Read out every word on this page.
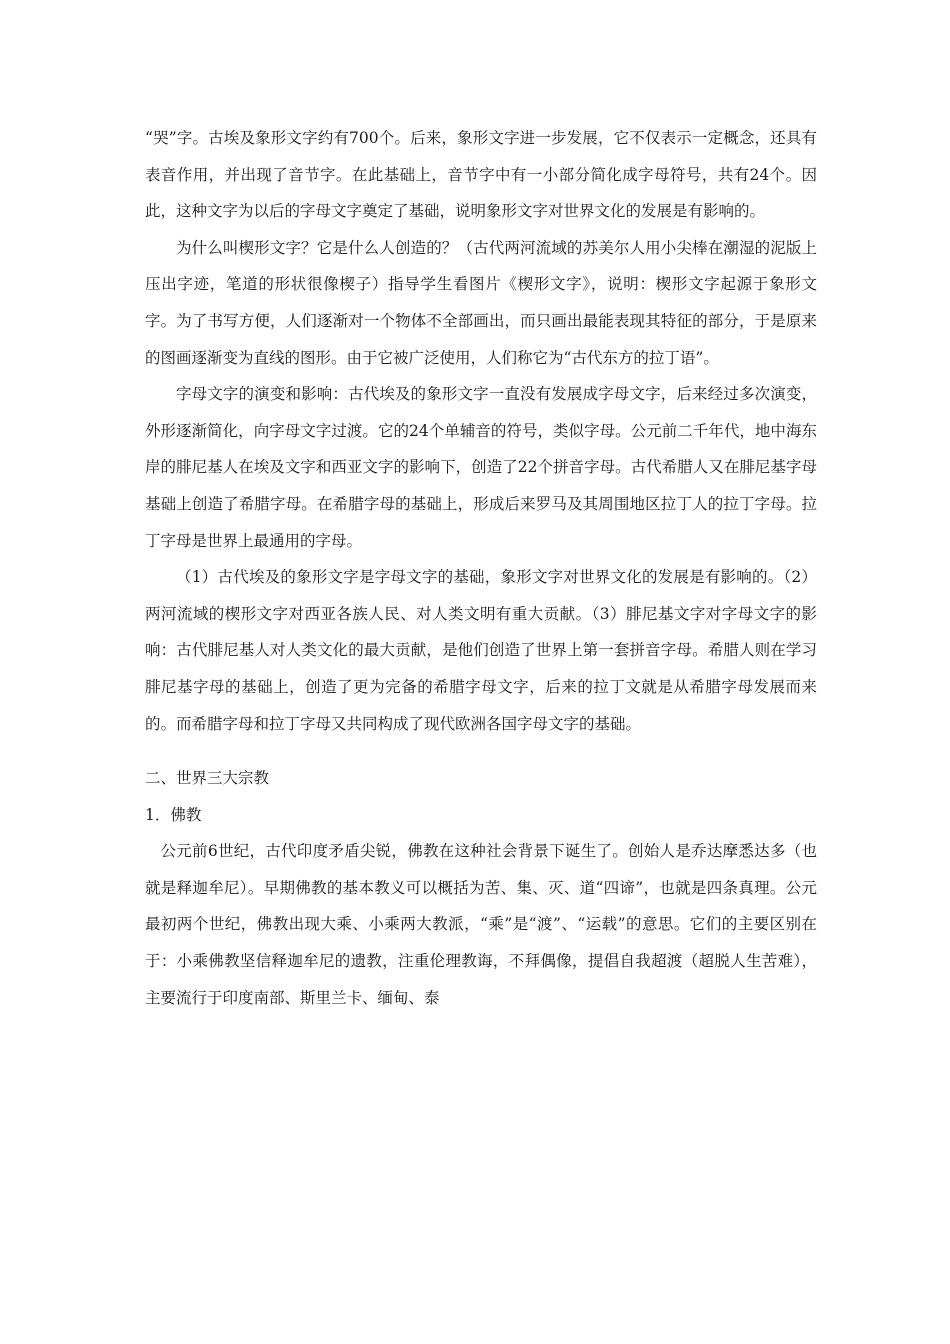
“哭”字。古埃及象形文字约有700个。后来，象形文字进一步发展，它不仅表示一定概念，还具有表音作用，并出现了音节字。在此基础上，音节字中有一小部分简化成字母符号，共有24个。因此，这种文字为以后的字母文字奠定了基础，说明象形文字对世界文化的发展是有影响的。

为什么叫楔形文字？它是什么人创造的？（古代两河流域的苏美尔人用小尖棒在潮湿的泥版上压出字迹，笔道的形状很像楔子）指导学生看图片《楔形文字》，说明：楔形文字起源于象形文字。为了书写方便，人们逐渐对一个物体不全部画出，而只画出最能表现其特征的部分，于是原来的图画逐渐变为直线的图形。由于它被广泛使用，人们称它为“古代东方的拉丁语”。

字母文字的演变和影响：古代埃及的象形文字一直没有发展成字母文字，后来经过多次演变，外形逐渐简化，向字母文字过渡。它的24个单辅音的符号，类似字母。公元前二千年代，地中海东岸的腓尼基人在埃及文字和西亚文字的影响下，创造了22个拼音字母。古代希腊人又在腓尼基字母基础上创造了希腊字母。在希腊字母的基础上，形成后来罗马及其周围地区拉丁人的拉丁字母。拉丁字母是世界上最通用的字母。

（1）古代埃及的象形文字是字母文字的基础，象形文字对世界文化的发展是有影响的。（2）两河流域的楔形文字对西亚各族人民、对人类文明有重大贡献。（3）腓尼基文字对字母文字的影响：古代腓尼基人对人类文化的最大贡献，是他们创造了世界上第一套拼音字母。希腊人则在学习腓尼基字母的基础上，创造了更为完备的希腊字母文字，后来的拉丁文就是从希腊字母发展而来的。而希腊字母和拉丁字母又共同构成了现代欧洲各国字母文字的基础。

二、世界三大宗教

1．佛教

公元前6世纪，古代印度矛盾尖锐，佛教在这种社会背景下诞生了。创始人是乔达摩悉达多（也就是释迦牟尼）。早期佛教的基本教义可以概括为苦、集、灭、道“四谛”，也就是四条真理。公元最初两个世纪，佛教出现大乘、小乘两大教派，“乘”是“渡”、“运载”的意思。它们的主要区别在于：小乘佛教坚信释迦牟尼的遗教，注重伦理教诲，不拜偶像，提倡自我超渡（超脱人生苦难），主要流行于印度南部、斯里兰卡、缅甸、泰
